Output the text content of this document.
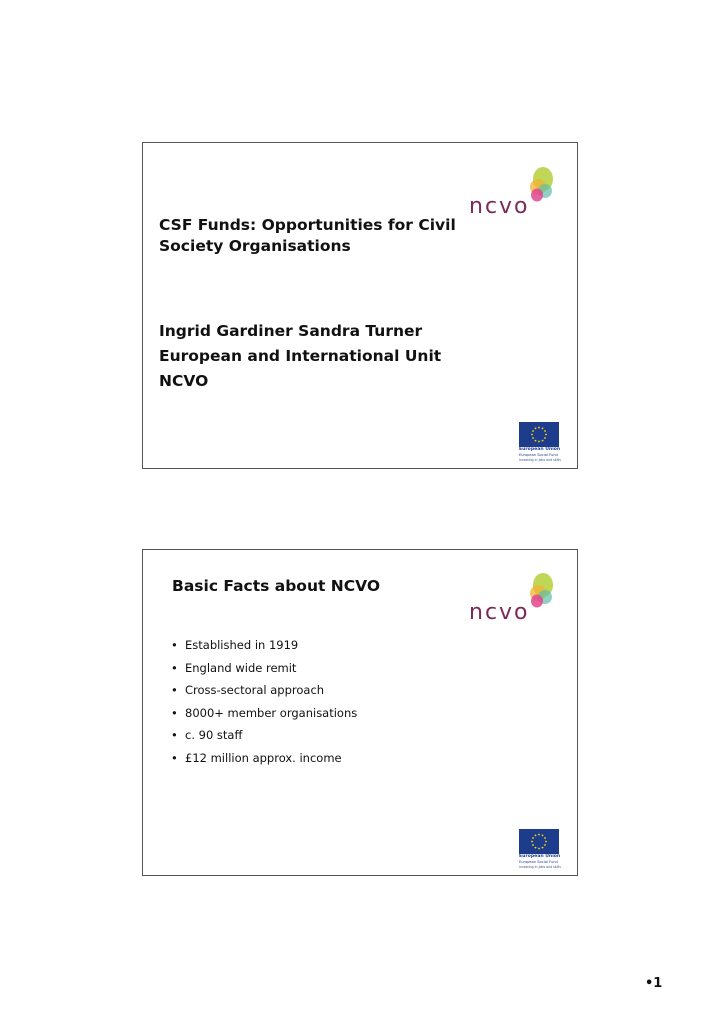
ncvo
CSF Funds: Opportunities for Civil Society Organisations
Ingrid Gardiner Sandra Turner
European and International Unit
NCVO
European Union
European Social Fund
Investing in jobs and skills
ncvo
Basic Facts about NCVO
• Established in 1919
• England wide remit
• Cross-sectoral approach
• 8000+ member organisations
• c. 90 staff
• £12 million approx. income
European Union
European Social Fund
Investing in jobs and skills
•1
